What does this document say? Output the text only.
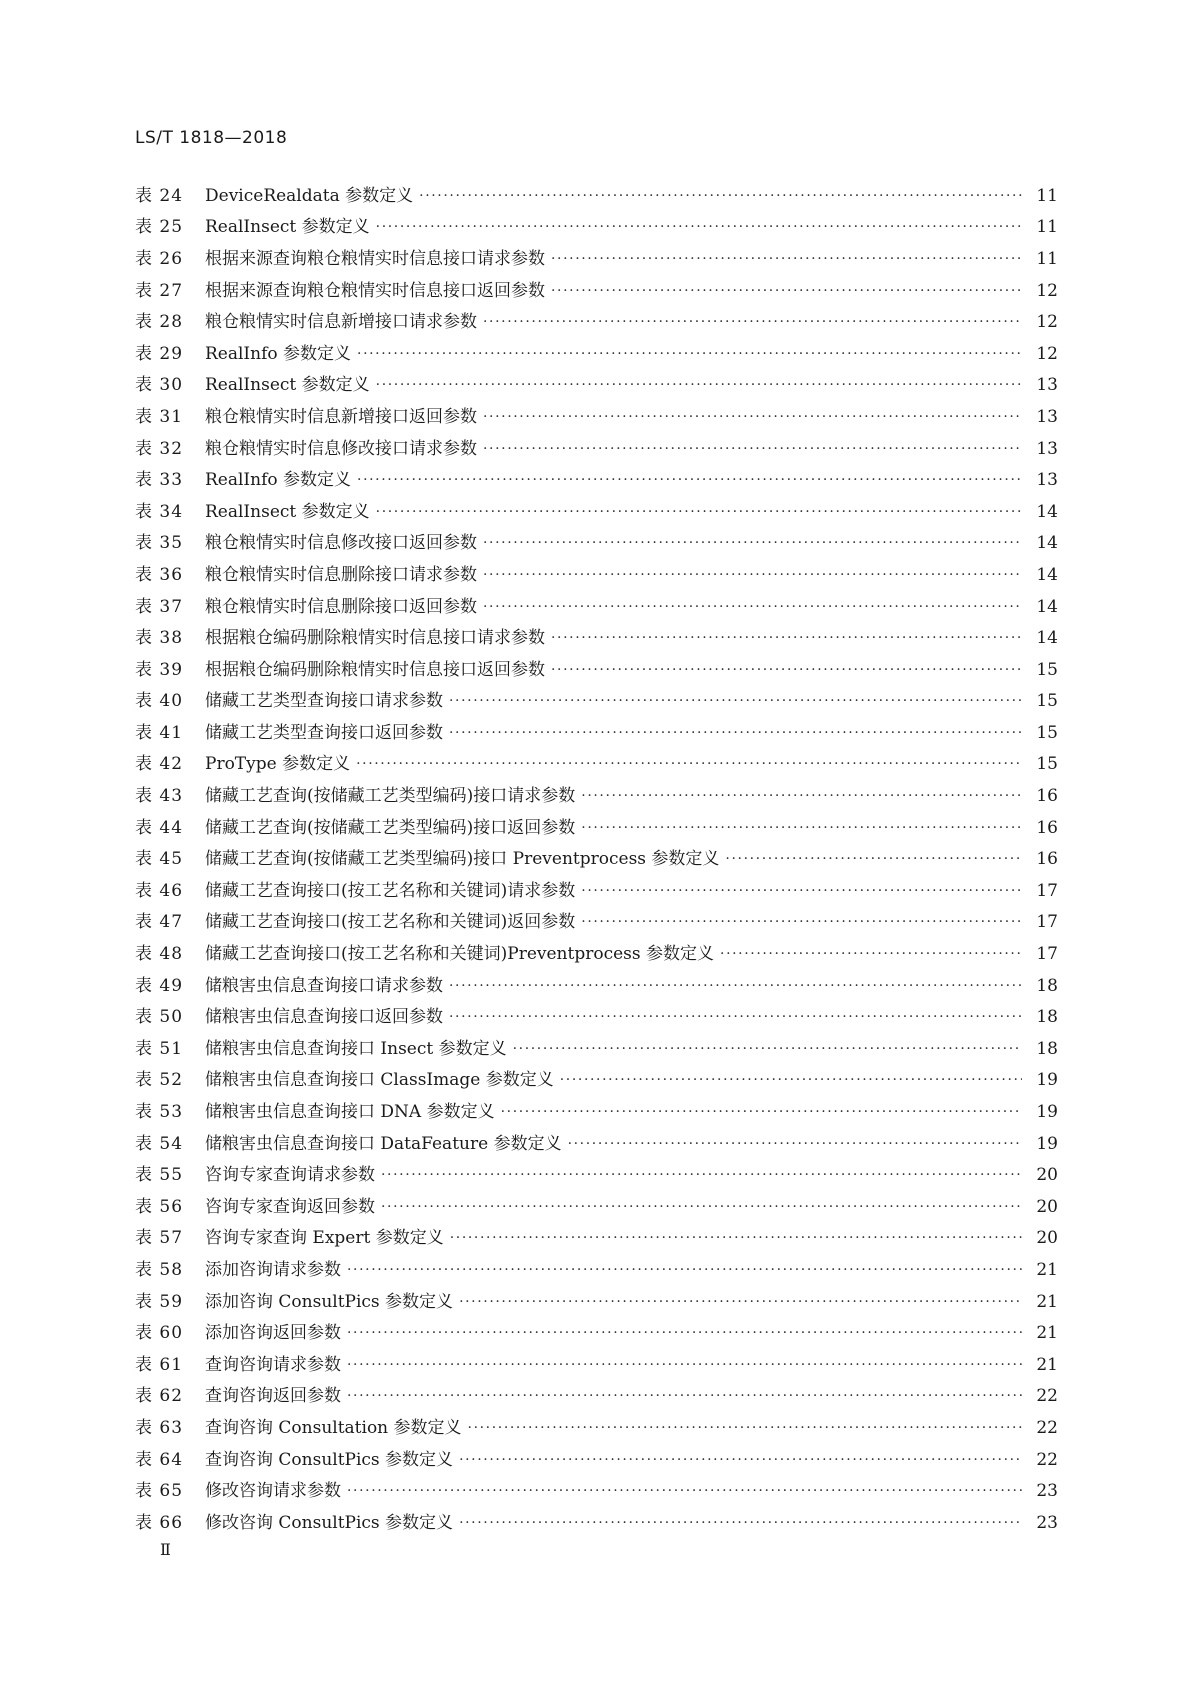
LS/T 1818—2018
表 24	DeviceRealdata 参数定义 ·····	11
表 25	RealInsect 参数定义 ·····	11
表 26	根据来源查询粮仓粮情实时信息接口请求参数 ·····	11
表 27	根据来源查询粮仓粮情实时信息接口返回参数 ·····	12
表 28	粮仓粮情实时信息新增接口请求参数 ·····	12
表 29	RealInfo 参数定义 ·····	12
表 30	RealInsect 参数定义 ·····	13
表 31	粮仓粮情实时信息新增接口返回参数 ·····	13
表 32	粮仓粮情实时信息修改接口请求参数 ·····	13
表 33	RealInfo 参数定义 ·····	13
表 34	RealInsect 参数定义 ·····	14
表 35	粮仓粮情实时信息修改接口返回参数 ·····	14
表 36	粮仓粮情实时信息删除接口请求参数 ·····	14
表 37	粮仓粮情实时信息删除接口返回参数 ·····	14
表 38	根据粮仓编码删除粮情实时信息接口请求参数 ·····	14
表 39	根据粮仓编码删除粮情实时信息接口返回参数 ·····	15
表 40	储藏工艺类型查询接口请求参数 ·····	15
表 41	储藏工艺类型查询接口返回参数 ·····	15
表 42	ProType 参数定义 ·····	15
表 43	储藏工艺查询(按储藏工艺类型编码)接口请求参数 ·····	16
表 44	储藏工艺查询(按储藏工艺类型编码)接口返回参数 ·····	16
表 45	储藏工艺查询(按储藏工艺类型编码)接口 Preventprocess 参数定义 ·····	16
表 46	储藏工艺查询接口(按工艺名称和关键词)请求参数 ·····	17
表 47	储藏工艺查询接口(按工艺名称和关键词)返回参数 ·····	17
表 48	储藏工艺查询接口(按工艺名称和关键词)Preventprocess 参数定义 ·····	17
表 49	储粮害虫信息查询接口请求参数 ·····	18
表 50	储粮害虫信息查询接口返回参数 ·····	18
表 51	储粮害虫信息查询接口 Insect 参数定义 ·····	18
表 52	储粮害虫信息查询接口 ClassImage 参数定义 ·····	19
表 53	储粮害虫信息查询接口 DNA 参数定义 ·····	19
表 54	储粮害虫信息查询接口 DataFeature 参数定义 ·····	19
表 55	咨询专家查询请求参数 ·····	20
表 56	咨询专家查询返回参数 ·····	20
表 57	咨询专家查询 Expert 参数定义 ·····	20
表 58	添加咨询请求参数 ·····	21
表 59	添加咨询 ConsultPics 参数定义 ·····	21
表 60	添加咨询返回参数 ·····	21
表 61	查询咨询请求参数 ·····	21
表 62	查询咨询返回参数 ·····	22
表 63	查询咨询 Consultation 参数定义 ·····	22
表 64	查询咨询 ConsultPics 参数定义 ·····	22
表 65	修改咨询请求参数 ·····	23
表 66	修改咨询 ConsultPics 参数定义 ·····	23
Ⅱ
